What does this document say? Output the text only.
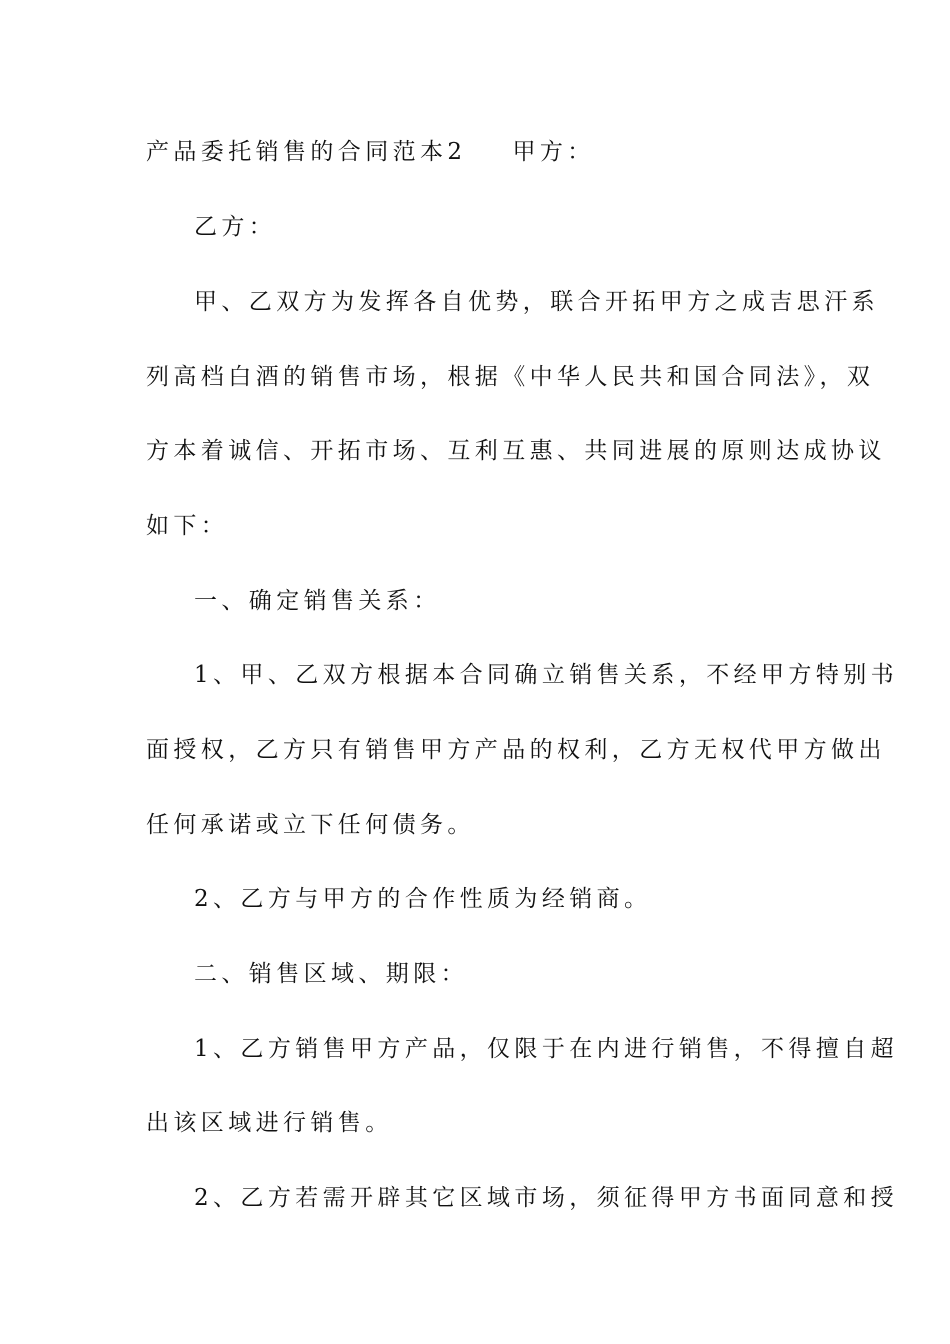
产品委托销售的合同范本2 甲方：
乙方：
甲、乙双方为发挥各自优势，联合开拓甲方之成吉思汗系
列高档白酒的销售市场，根据《中华人民共和国合同法》，双
方本着诚信、开拓市场、互利互惠、共同进展的原则达成协议
如下：
一、确定销售关系：
1、甲、乙双方根据本合同确立销售关系，不经甲方特别书
面授权，乙方只有销售甲方产品的权利，乙方无权代甲方做出
任何承诺或立下任何债务。
2、乙方与甲方的合作性质为经销商。
二、销售区域、期限：
1、乙方销售甲方产品，仅限于在内进行销售，不得擅自超
出该区域进行销售。
2、乙方若需开辟其它区域市场，须征得甲方书面同意和授
